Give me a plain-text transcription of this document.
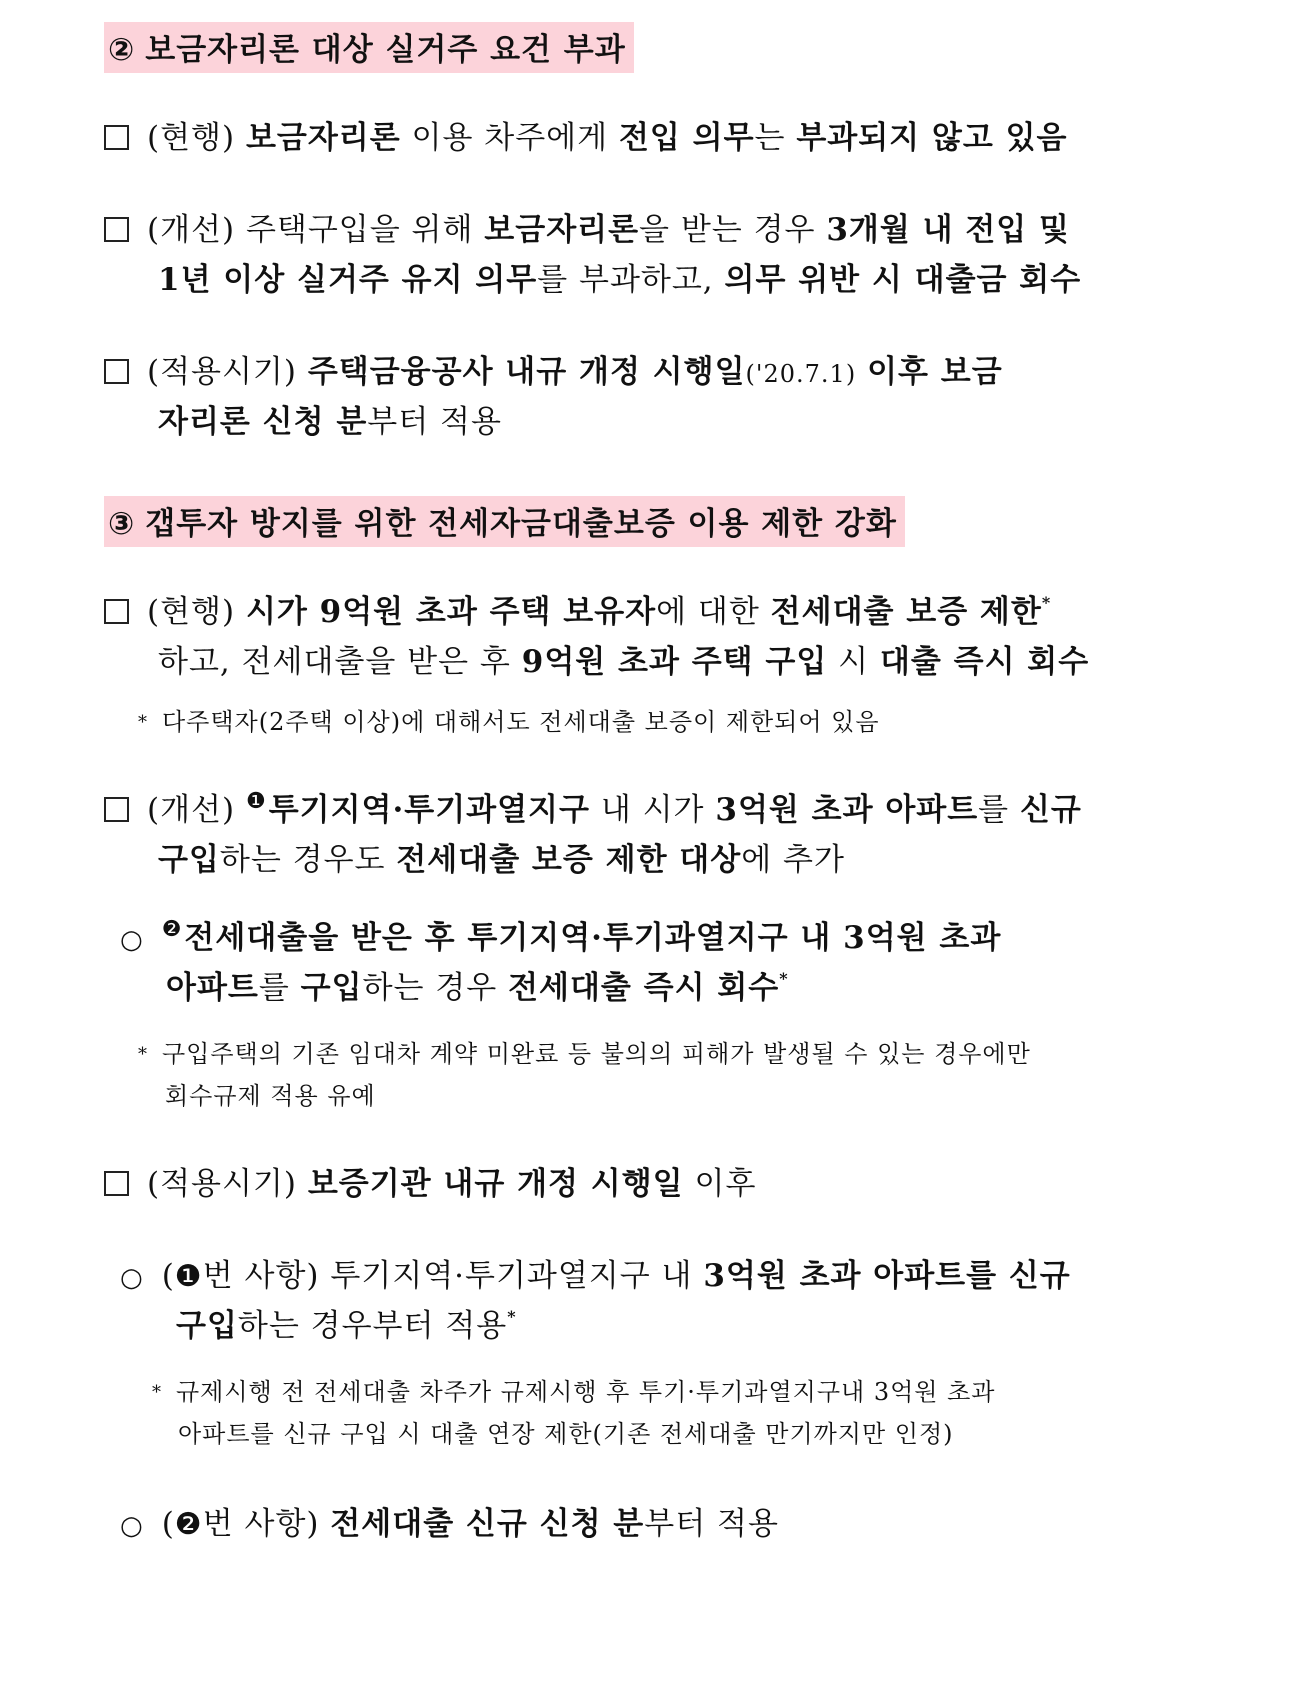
② 보금자리론 대상 실거주 요건 부과
(현행) 보금자리론 이용 차주에게 전입 의무는 부과되지 않고 있음
(개선) 주택구입을 위해 보금자리론을 받는 경우 3개월 내 전입 및
1년 이상 실거주 유지 의무를 부과하고, 의무 위반 시 대출금 회수
(적용시기) 주택금융공사 내규 개정 시행일('20.7.1) 이후 보금
자리론 신청 분부터 적용
③ 갭투자 방지를 위한 전세자금대출보증 이용 제한 강화
(현행) 시가 9억원 초과 주택 보유자에 대한 전세대출 보증 제한*
하고, 전세대출을 받은 후 9억원 초과 주택 구입 시 대출 즉시 회수
* 다주택자(2주택 이상)에 대해서도 전세대출 보증이 제한되어 있음
(개선) $^❶$투기지역·투기과열지구 내 시가 3억원 초과 아파트를 신규
구입하는 경우도 전세대출 보증 제한 대상에 추가
○ $^❷$전세대출을 받은 후 투기지역·투기과열지구 내 3억원 초과
아파트를 구입하는 경우 전세대출 즉시 회수*
* 구입주택의 기존 임대차 계약 미완료 등 불의의 피해가 발생될 수 있는 경우에만
회수규제 적용 유예
(적용시기) 보증기관 내규 개정 시행일 이후
○ (❶번 사항) 투기지역·투기과열지구 내 3억원 초과 아파트를 신규
구입하는 경우부터 적용*
* 규제시행 전 전세대출 차주가 규제시행 후 투기·투기과열지구내 3억원 초과
아파트를 신규 구입 시 대출 연장 제한(기존 전세대출 만기까지만 인정)
○ (❷번 사항) 전세대출 신규 신청 분부터 적용
